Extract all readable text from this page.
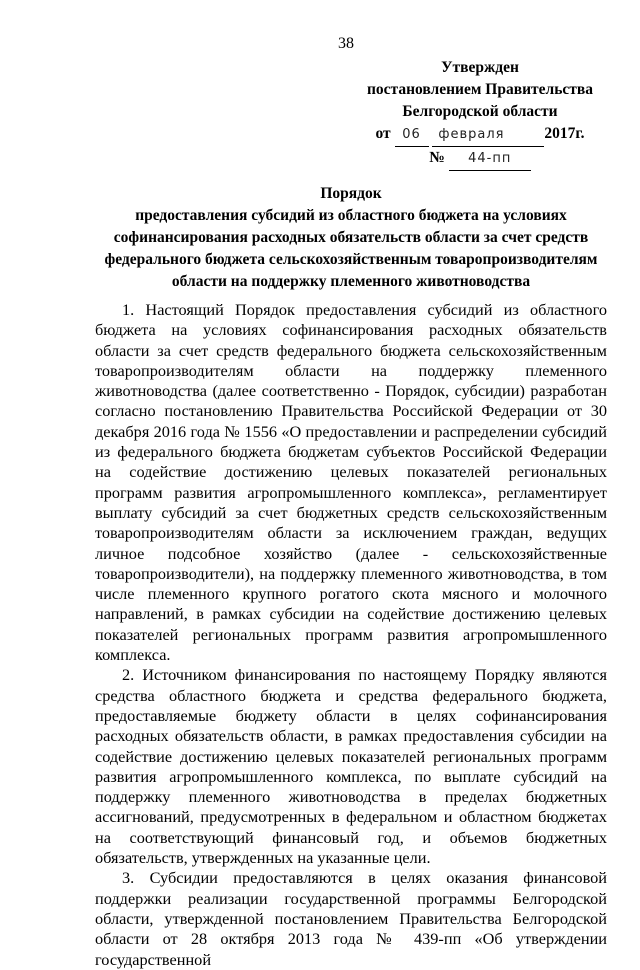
38
Утвержден
постановлением Правительства
Белгородской области
от 06 февраля	2017г.
№ 44-пп
Порядок
предоставления субсидий из областного бюджета на условиях
софинансирования расходных обязательств области за счет средств
федерального бюджета сельскохозяйственным товаропроизводителям
области на поддержку племенного животноводства

1. Настоящий Порядок предоставления субсидий из областного бюджета на условиях софинансирования расходных обязательств области за счет средств федерального бюджета сельскохозяйственным товаропроизводителям области на поддержку племенного животноводства (далее соответственно - Порядок, субсидии) разработан согласно постановлению Правительства Российской Федерации от 30 декабря 2016 года № 1556 «О предоставлении и распределении субсидий из федерального бюджета бюджетам субъектов Российской Федерации на содействие достижению целевых показателей региональных программ развития агропромышленного комплекса», регламентирует выплату субсидий за счет бюджетных средств сельскохозяйственным товаропроизводителям области за исключением граждан, ведущих личное подсобное хозяйство (далее - сельскохозяйственные товаропроизводители), на поддержку племенного животноводства, в том числе племенного крупного рогатого скота мясного и молочного направлений, в рамках субсидии на содействие достижению целевых показателей региональных программ развития агропромышленного комплекса.

2. Источником финансирования по настоящему Порядку являются средства областного бюджета и средства федерального бюджета, предоставляемые бюджету области в целях софинансирования расходных обязательств области, в рамках предоставления субсидии на содействие достижению целевых показателей региональных программ развития агропромышленного комплекса, по выплате субсидий на поддержку племенного животноводства в пределах бюджетных ассигнований, предусмотренных в федеральном и областном бюджетах на соответствующий финансовый год, и объемов бюджетных обязательств, утвержденных на указанные цели.

3. Субсидии предоставляются в целях оказания финансовой поддержки реализации государственной программы Белгородской области, утвержденной постановлением Правительства Белгородской области от 28 октября 2013 года № 439-пп «Об утверждении государственной
